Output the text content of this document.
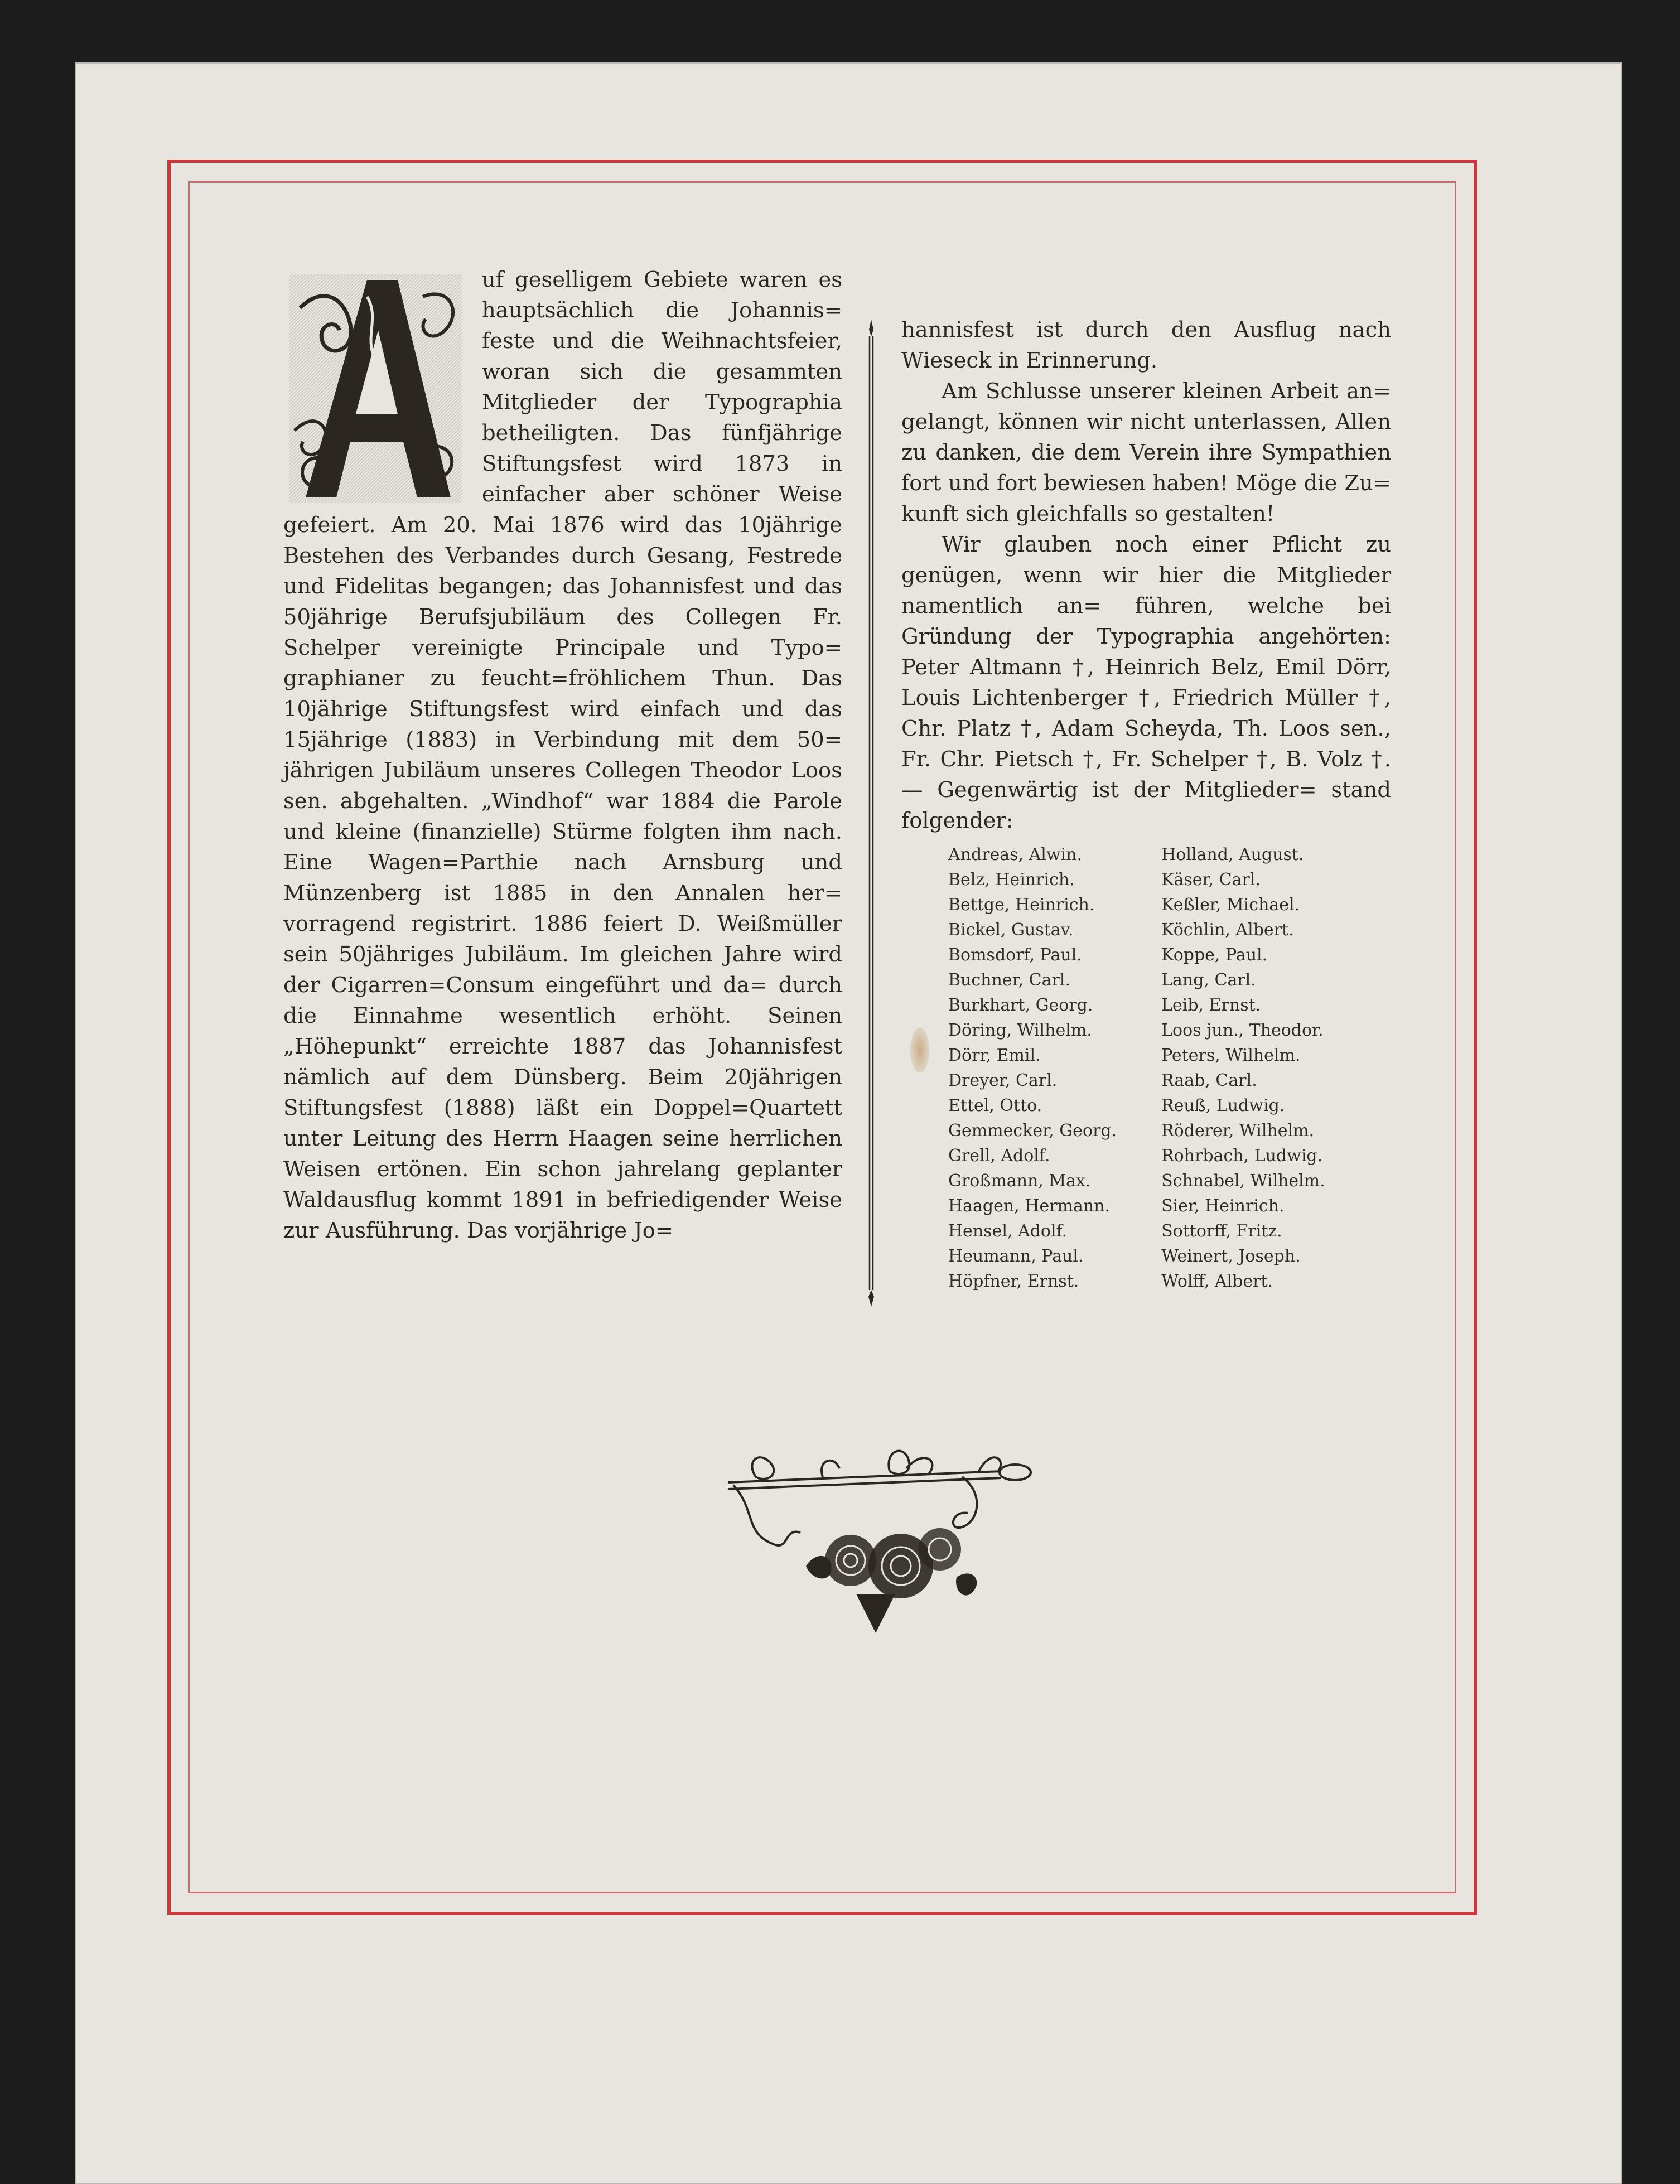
uf geselligem Gebiete waren es hauptsächlich die Johannis= feste und die Weihnachtsfeier, woran sich die gesammten Mitglieder der Typographia betheiligten. Das fünfjährige Stiftungsfest wird 1873 in einfacher aber schöner Weise gefeiert. Am 20. Mai 1876 wird das 10jährige Bestehen des Verbandes durch Gesang, Festrede und Fidelitas begangen; das Johannisfest und das 50jährige Berufsjubiläum des Collegen Fr. Schelper vereinigte Principale und Typo= graphianer zu feucht=fröhlichem Thun. Das 10jährige Stiftungsfest wird einfach und das 15jährige (1883) in Verbindung mit dem 50= jährigen Jubiläum unseres Collegen Theodor Loos sen. abgehalten. „Windhof“ war 1884 die Parole und kleine (finanzielle) Stürme folgten ihm nach. Eine Wagen=Parthie nach Arnsburg und Münzenberg ist 1885 in den Annalen her= vorragend registrirt. 1886 feiert D. Weißmüller sein 50jähriges Jubiläum. Im gleichen Jahre wird der Cigarren=Consum eingeführt und da= durch die Einnahme wesentlich erhöht. Seinen „Höhepunkt“ erreichte 1887 das Johannisfest nämlich auf dem Dünsberg. Beim 20jährigen Stiftungsfest (1888) läßt ein Doppel=Quartett unter Leitung des Herrn Haagen seine herrlichen Weisen ertönen. Ein schon jahrelang geplanter Waldausflug kommt 1891 in befriedigender Weise zur Ausführung. Das vorjährige Jo=

hannisfest ist durch den Ausflug nach Wieseck in Erinnerung.

Am Schlusse unserer kleinen Arbeit an= gelangt, können wir nicht unterlassen, Allen zu danken, die dem Verein ihre Sympathien fort und fort bewiesen haben! Möge die Zu= kunft sich gleichfalls so gestalten!

Wir glauben noch einer Pflicht zu genügen, wenn wir hier die Mitglieder namentlich an= führen, welche bei Gründung der Typographia angehörten: Peter Altmann †, Heinrich Belz, Emil Dörr, Louis Lichtenberger †, Friedrich Müller †, Chr. Platz †, Adam Scheyda, Th. Loos sen., Fr. Chr. Pietsch †, Fr. Schelper †, B. Volz †. — Gegenwärtig ist der Mitglieder= stand folgender:

Andreas, Alwin.
Belz, Heinrich.
Bettge, Heinrich.
Bickel, Gustav.
Bomsdorf, Paul.
Buchner, Carl.
Burkhart, Georg.
Döring, Wilhelm.
Dörr, Emil.
Dreyer, Carl.
Ettel, Otto.
Gemmecker, Georg.
Grell, Adolf.
Großmann, Max.
Haagen, Hermann.
Hensel, Adolf.
Heumann, Paul.
Höpfner, Ernst.
Holland, August.
Käser, Carl.
Keßler, Michael.
Köchlin, Albert.
Koppe, Paul.
Lang, Carl.
Leib, Ernst.
Loos jun., Theodor.
Peters, Wilhelm.
Raab, Carl.
Reuß, Ludwig.
Röderer, Wilhelm.
Rohrbach, Ludwig.
Schnabel, Wilhelm.
Sier, Heinrich.
Sottorff, Fritz.
Weinert, Joseph.
Wolff, Albert.
